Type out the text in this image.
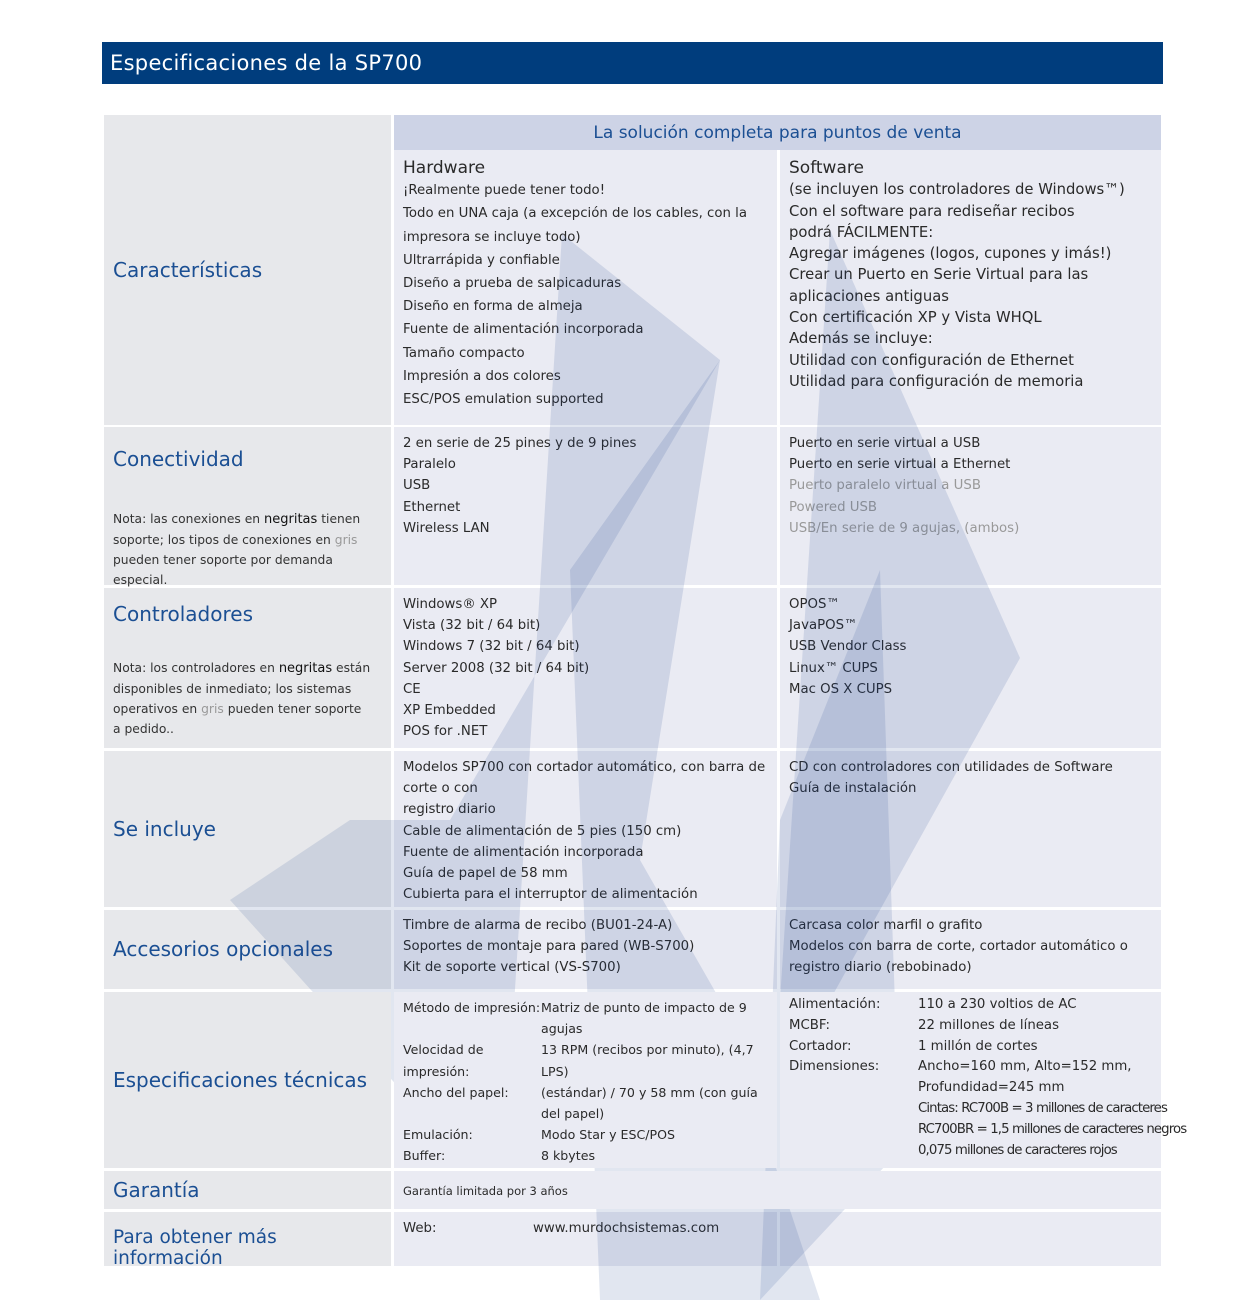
Especificaciones de la SP700
La solución completa para puntos de venta
Características
Hardware
¡Realmente puede tener todo!
Todo en UNA caja (a excepción de los cables, con la
impresora se incluye todo)
Ultrarrápida y confiable
Diseño a prueba de salpicaduras
Diseño en forma de almeja
Fuente de alimentación incorporada
Tamaño compacto
Impresión a dos colores
ESC/POS emulation supported
Software
(se incluyen los controladores de Windows™)
Con el software para rediseñar recibos
podrá FÁCILMENTE:
Agregar imágenes (logos, cupones y imás!)
Crear un Puerto en Serie Virtual para las
aplicaciones antiguas
Con certificación XP y Vista WHQL
Además se incluye:
Utilidad con configuración de Ethernet
Utilidad para configuración de memoria
Conectividad
Nota: las conexiones en negritas tienen soporte; los tipos de conexiones en gris pueden tener soporte por demanda especial.
2 en serie de 25 pines y de 9 pines
Paralelo
USB
Ethernet
Wireless LAN
Puerto en serie virtual a USB
Puerto en serie virtual a Ethernet
Puerto paralelo virtual a USB
Powered USB
USB/En serie de 9 agujas, (ambos)
Controladores
Nota: los controladores en negritas están disponibles de inmediato; los sistemas operativos en gris pueden tener soporte a pedido..
Windows® XP
Vista (32 bit / 64 bit)
Windows 7 (32 bit / 64 bit)
Server 2008 (32 bit / 64 bit)
CE
XP Embedded
POS for .NET
OPOS™
JavaPOS™
USB Vendor Class
Linux™ CUPS
Mac OS X CUPS
Se incluye
Modelos SP700 con cortador automático, con barra de corte o con
registro diario
Cable de alimentación de 5 pies (150 cm)
Fuente de alimentación incorporada
Guía de papel de 58 mm
Cubierta para el interruptor de alimentación
CD con controladores con utilidades de Software
Guía de instalación
Accesorios opcionales
Timbre de alarma de recibo (BU01-24-A)
Soportes de montaje para pared (WB-S700)
Kit de soporte vertical (VS-S700)
Carcasa color marfil o grafito
Modelos con barra de corte, cortador automático o
registro diario (rebobinado)
Especificaciones técnicas
Método de impresión: Matriz de punto de impacto de 9 agujas
Velocidad de impresión:
13 RPM (recibos por minuto), (4,7 LPS)
Ancho del papel:	(estándar) / 70 y 58 mm (con guía del papel)
Emulación:	Modo Star y ESC/POS
Buffer:	8 kbytes
Alimentación:	110 a 230 voltios de AC
MCBF:	22 millones de líneas
Cortador:	1 millón de cortes
Dimensiones:	Ancho=160 mm, Alto=152 mm, Profundidad=245 mm
Cintas: RC700B = 3 millones de caracteres
RC700BR = 1,5 millones de caracteres negros
0,075 millones de caracteres rojos
Garantía	Garantía limitada por 3 años
Para obtener más información
Web:	www.murdochsistemas.com
